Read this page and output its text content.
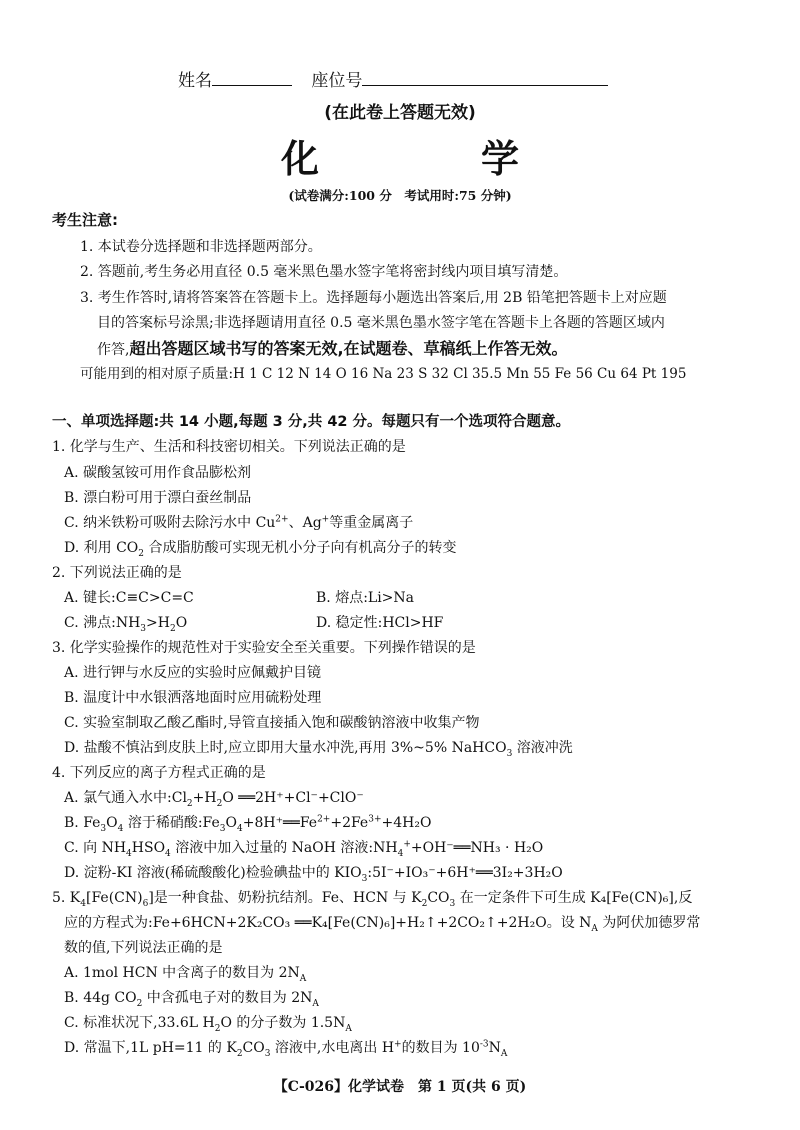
姓名	座位号
(在此卷上答题无效)
化　学
(试卷满分:100 分　考试用时:75 分钟)
考生注意:
1. 本试卷分选择题和非选择题两部分。
2. 答题前,考生务必用直径 0.5 毫米黑色墨水签字笔将密封线内项目填写清楚。
3. 考生作答时,请将答案答在答题卡上。选择题每小题选出答案后,用 2B 铅笔把答题卡上对应题
目的答案标号涂黑;非选择题请用直径 0.5 毫米黑色墨水签字笔在答题卡上各题的答题区域内
作答,超出答题区域书写的答案无效,在试题卷、草稿纸上作答无效。
可能用到的相对原子质量:H 1 C 12 N 14 O 16 Na 23 S 32 Cl 35.5 Mn 55 Fe 56 Cu 64 Pt 195
一、单项选择题:共 14 小题,每题 3 分,共 42 分。每题只有一个选项符合题意。
1. 化学与生产、生活和科技密切相关。下列说法正确的是
A. 碳酸氢铵可用作食品膨松剂
B. 漂白粉可用于漂白蚕丝制品
C. 纳米铁粉可吸附去除污水中 $Cu^{2+}$、Ag+等重金属离子
D. 利用 $CO_2$ 合成脂肪酸可实现无机小分子向有机高分子的转变
2. 下列说法正确的是
A. 键长:C≡C>C=C	B. 熔点:Li>Na
C. 沸点$:NH_3>H_2O$	D. 稳定性:HCl>HF
3. 化学实验操作的规范性对于实验安全至关重要。下列操作错误的是
A. 进行钾与水反应的实验时应佩戴护目镜
B. 温度计中水银洒落地面时应用硫粉处理
C. 实验室制取乙酸乙酯时,导管直接插入饱和碳酸钠溶液中收集产物
D. 盐酸不慎沾到皮肤上时,应立即用大量水冲洗,再用 3%~5% NaHCO$_3$ 溶液冲洗
4. 下列反应的离子方程式正确的是
A. 氯气通入水中$:Cl_2+H_2O$ ══2H⁺+Cl⁻+ClO⁻
B. $Fe_3O_4$ 溶于稀硝酸$:Fe_3O_4+8H^+══Fe^{2+}+2Fe^{3+}+4H_2O$
C. 向 $NH_4HSO_4$ 溶液中加入过量的 NaOH 溶液$:NH_4^++OH^-══NH_3 \cdot H_2O$
D. 淀粉-KI 溶液(稀硫酸酸化)检验碘盐中的 $KIO_3:5I^-+IO_3^-+6H^+══3I_2+3H_2O$
5. $K_4[Fe(CN)_6]$是一种食盐、奶粉抗结剂。Fe、HCN 与 $K_2CO_3$ 在一定条件下可生成 K₄[Fe(CN)₆],反
应的方程式为:Fe+6HCN+2K₂CO₃ ══K₄[Fe(CN)₆]+H₂↑+2CO₂↑+2H₂O。设 $N_A$ 为阿伏加德罗常
数的值,下列说法正确的是
A. 1mol HCN 中含离子的数目为 $2N_A$
B. 44g $CO_2$ 中含孤电子对的数目为 $2N_A$
C. 标准状况下,33.6L $H_2O$ 的分子数为 $1.5N_A$
D. 常温下,1L pH=11 的 $K_2CO_3$ 溶液中,水电离出 H+的数目为 $10^{-3}N_A$
【C-026】化学试卷　第 1 页(共 6 页)
